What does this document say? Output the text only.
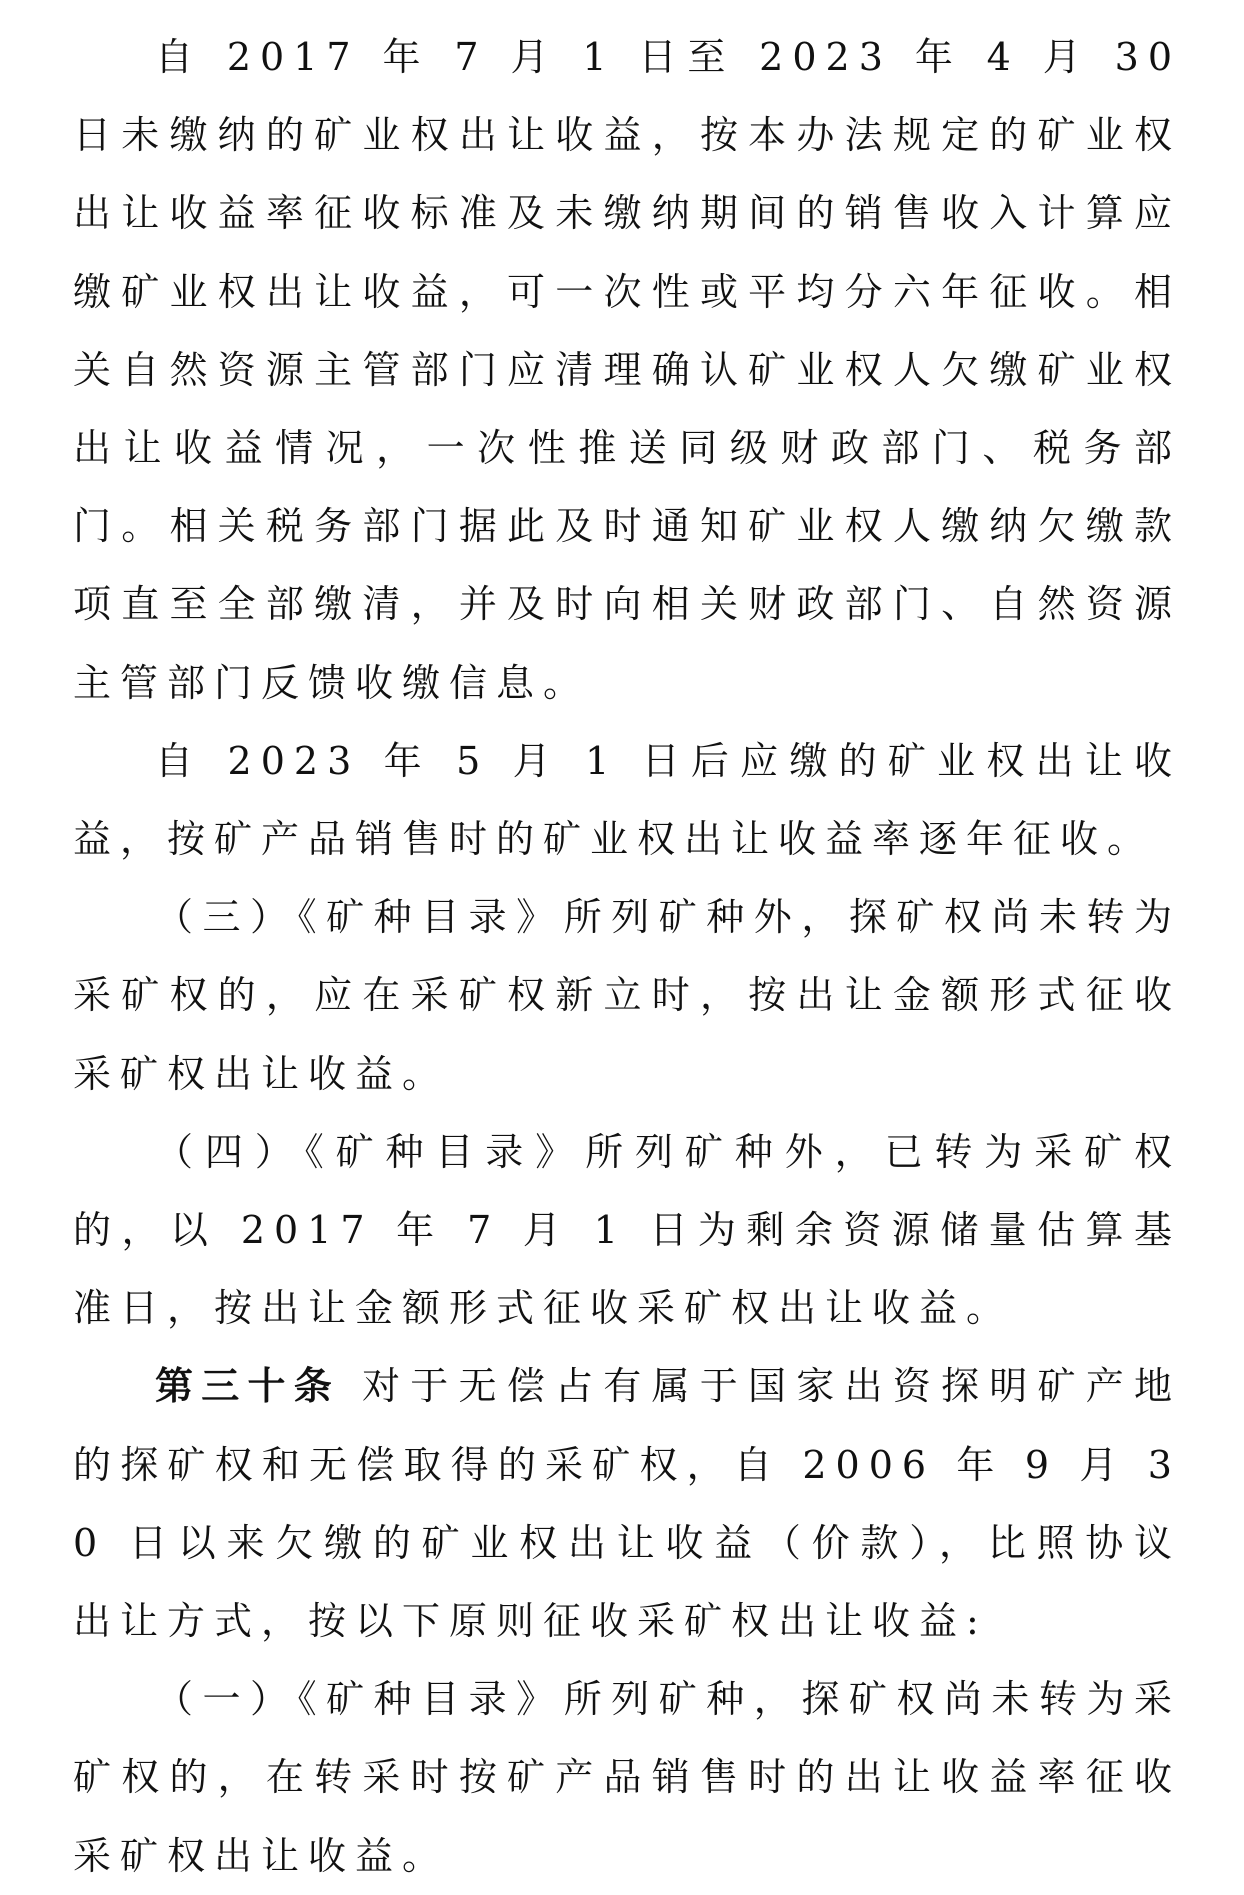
自 2017 年 7 月 1 日至 2023 年 4 月 30 日未缴纳的矿业权出让收益，按本办法规定的矿业权出让收益率征收标准及未缴纳期间的销售收入计算应缴矿业权出让收益，可一次性或平均分六年征收。相关自然资源主管部门应清理确认矿业权人欠缴矿业权出让收益情况，一次性推送同级财政部门、税务部门。相关税务部门据此及时通知矿业权人缴纳欠缴款项直至全部缴清，并及时向相关财政部门、自然资源主管部门反馈收缴信息。

自 2023 年 5 月 1 日后应缴的矿业权出让收益，按矿产品销售时的矿业权出让收益率逐年征收。

（三）《矿种目录》所列矿种外，探矿权尚未转为采矿权的，应在采矿权新立时，按出让金额形式征收采矿权出让收益。

（四）《矿种目录》所列矿种外，已转为采矿权的，以 2017 年 7 月 1 日为剩余资源储量估算基准日，按出让金额形式征收采矿权出让收益。

第三十条 对于无偿占有属于国家出资探明矿产地的探矿权和无偿取得的采矿权，自 2006 年 9 月 30 日以来欠缴的矿业权出让收益（价款），比照协议出让方式，按以下原则征收采矿权出让收益:

（一）《矿种目录》所列矿种，探矿权尚未转为采矿权的，在转采时按矿产品销售时的出让收益率征收采矿权出让收益。
